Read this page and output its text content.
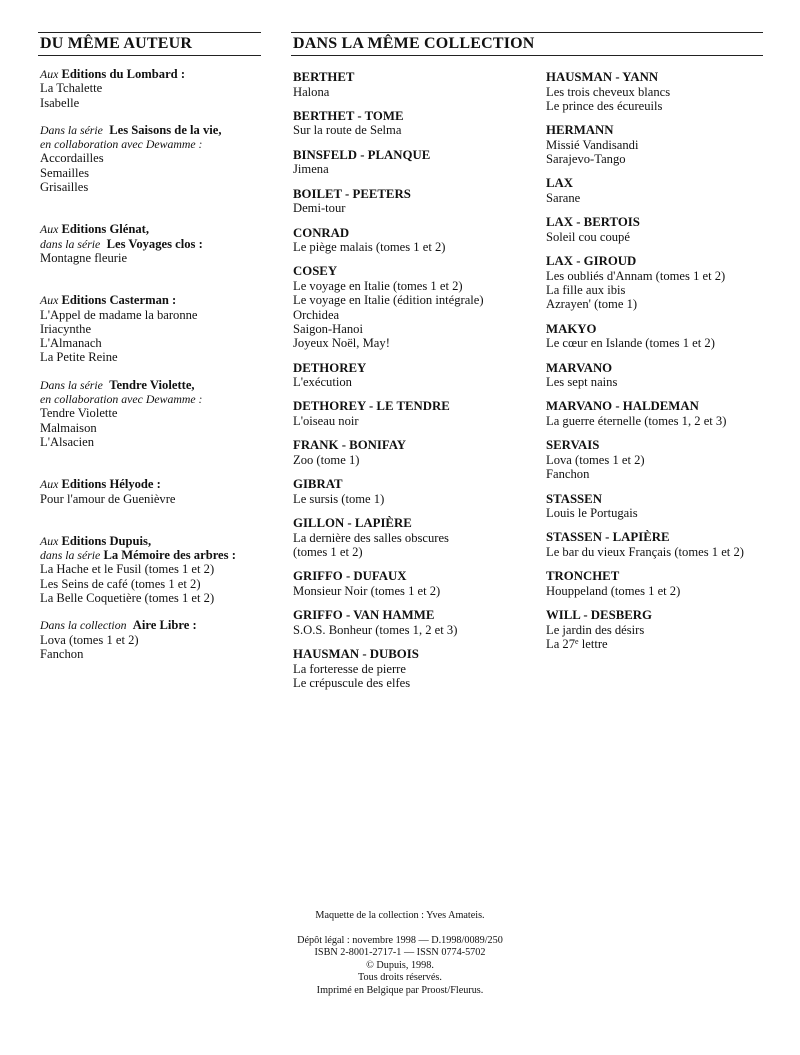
DU MÊME AUTEUR	DANS LA MÊME COLLECTION
Aux Editions du Lombard :
La Tchalette
Isabelle
Dans la série Les Saisons de la vie,
en collaboration avec Dewamme :
Accordailles
Semailles
Grisailles
Aux Editions Glénat,
dans la série Les Voyages clos :
Montagne fleurie
Aux Editions Casterman :
L'Appel de madame la baronne
Iriacynthe
L'Almanach
La Petite Reine
Dans la série Tendre Violette,
en collaboration avec Dewamme :
Tendre Violette
Malmaison
L'Alsacien
Aux Editions Hélyode :
Pour l'amour de Guenièvre
Aux Editions Dupuis,
dans la série La Mémoire des arbres :
La Hache et le Fusil (tomes 1 et 2)
Les Seins de café (tomes 1 et 2)
La Belle Coquetière (tomes 1 et 2)
Dans la collection Aire Libre :
Lova (tomes 1 et 2)
Fanchon
BERTHET
Halona
BERTHET - TOME
Sur la route de Selma
BINSFELD - PLANQUE
Jimena
BOILET - PEETERS
Demi-tour
CONRAD
Le piège malais (tomes 1 et 2)
COSEY
Le voyage en Italie (tomes 1 et 2)
Le voyage en Italie (édition intégrale)
Orchidea
Saigon-Hanoi
Joyeux Noël, May!
DETHOREY
L'exécution
DETHOREY - LE TENDRE
L'oiseau noir
FRANK - BONIFAY
Zoo (tome 1)
GIBRAT
Le sursis (tome 1)
GILLON - LAPIÈRE
La dernière des salles obscures
(tomes 1 et 2)
GRIFFO - DUFAUX
Monsieur Noir (tomes 1 et 2)
GRIFFO - VAN HAMME
S.O.S. Bonheur (tomes 1, 2 et 3)
HAUSMAN - DUBOIS
La forteresse de pierre
Le crépuscule des elfes
HAUSMAN - YANN
Les trois cheveux blancs
Le prince des écureuils
HERMANN
Missié Vandisandi
Sarajevo-Tango
LAX
Sarane
LAX - BERTOIS
Soleil cou coupé
LAX - GIROUD
Les oubliés d'Annam (tomes 1 et 2)
La fille aux ibis
Azrayen' (tome 1)
MAKYO
Le cœur en Islande (tomes 1 et 2)
MARVANO
Les sept nains
MARVANO - HALDEMAN
La guerre éternelle (tomes 1, 2 et 3)
SERVAIS
Lova (tomes 1 et 2)
Fanchon
STASSEN
Louis le Portugais
STASSEN - LAPIÈRE
Le bar du vieux Français (tomes 1 et 2)
TRONCHET
Houppeland (tomes 1 et 2)
WILL - DESBERG
Le jardin des désirs
La 27e lettre
Maquette de la collection : Yves Amateis.
Dépôt légal : novembre 1998 — D.1998/0089/250
ISBN 2-8001-2717-1 — ISSN 0774-5702
© Dupuis, 1998.
Tous droits réservés.
Imprimé en Belgique par Proost/Fleurus.
